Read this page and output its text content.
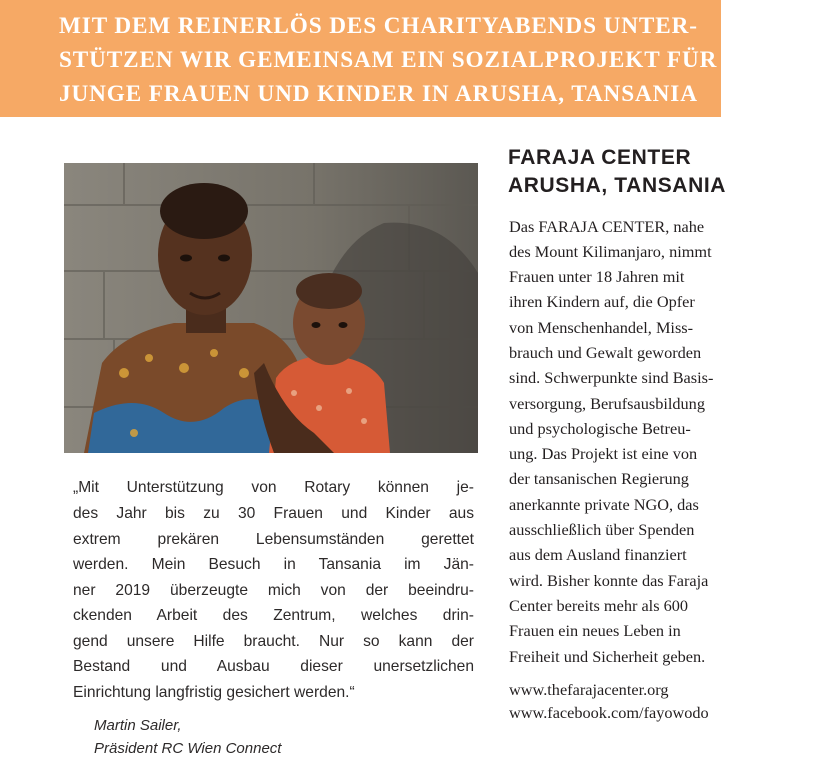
MIT DEM REINERLÖS DES CHARITYABENDS UNTER-
STÜTZEN WIR GEMEINSAM EIN SOZIALPROJEKT FÜR
JUNGE FRAUEN UND KINDER IN ARUSHA, TANSANIA
„Mit Unterstützung von Rotary können je-
des Jahr bis zu 30 Frauen und Kinder aus
extrem prekären Lebensumständen gerettet
werden. Mein Besuch in Tansania im Jän-
ner 2019 überzeugte mich von der beeindru-
ckenden Arbeit des Zentrum, welches drin-
gend unsere Hilfe braucht. Nur so kann der
Bestand und Ausbau dieser unersetzlichen
Einrichtung langfristig gesichert werden.“
Martin Sailer,
Präsident RC Wien Connect
FARAJA CENTER
ARUSHA, TANSANIA
Das FARAJA CENTER, nahe
des Mount Kilimanjaro, nimmt
Frauen unter 18 Jahren mit
ihren Kindern auf, die Opfer
von Menschenhandel, Miss-
brauch und Gewalt geworden
sind. Schwerpunkte sind Basis-
versorgung, Berufsausbildung
und psychologische Betreu-
ung. Das Projekt ist eine von
der tansanischen Regierung
anerkannte private NGO, das
ausschließlich über Spenden
aus dem Ausland finanziert
wird. Bisher konnte das Faraja
Center bereits mehr als 600
Frauen ein neues Leben in
Freiheit und Sicherheit geben.
www.thefarajacenter.org
www.facebook.com/fayowodo
